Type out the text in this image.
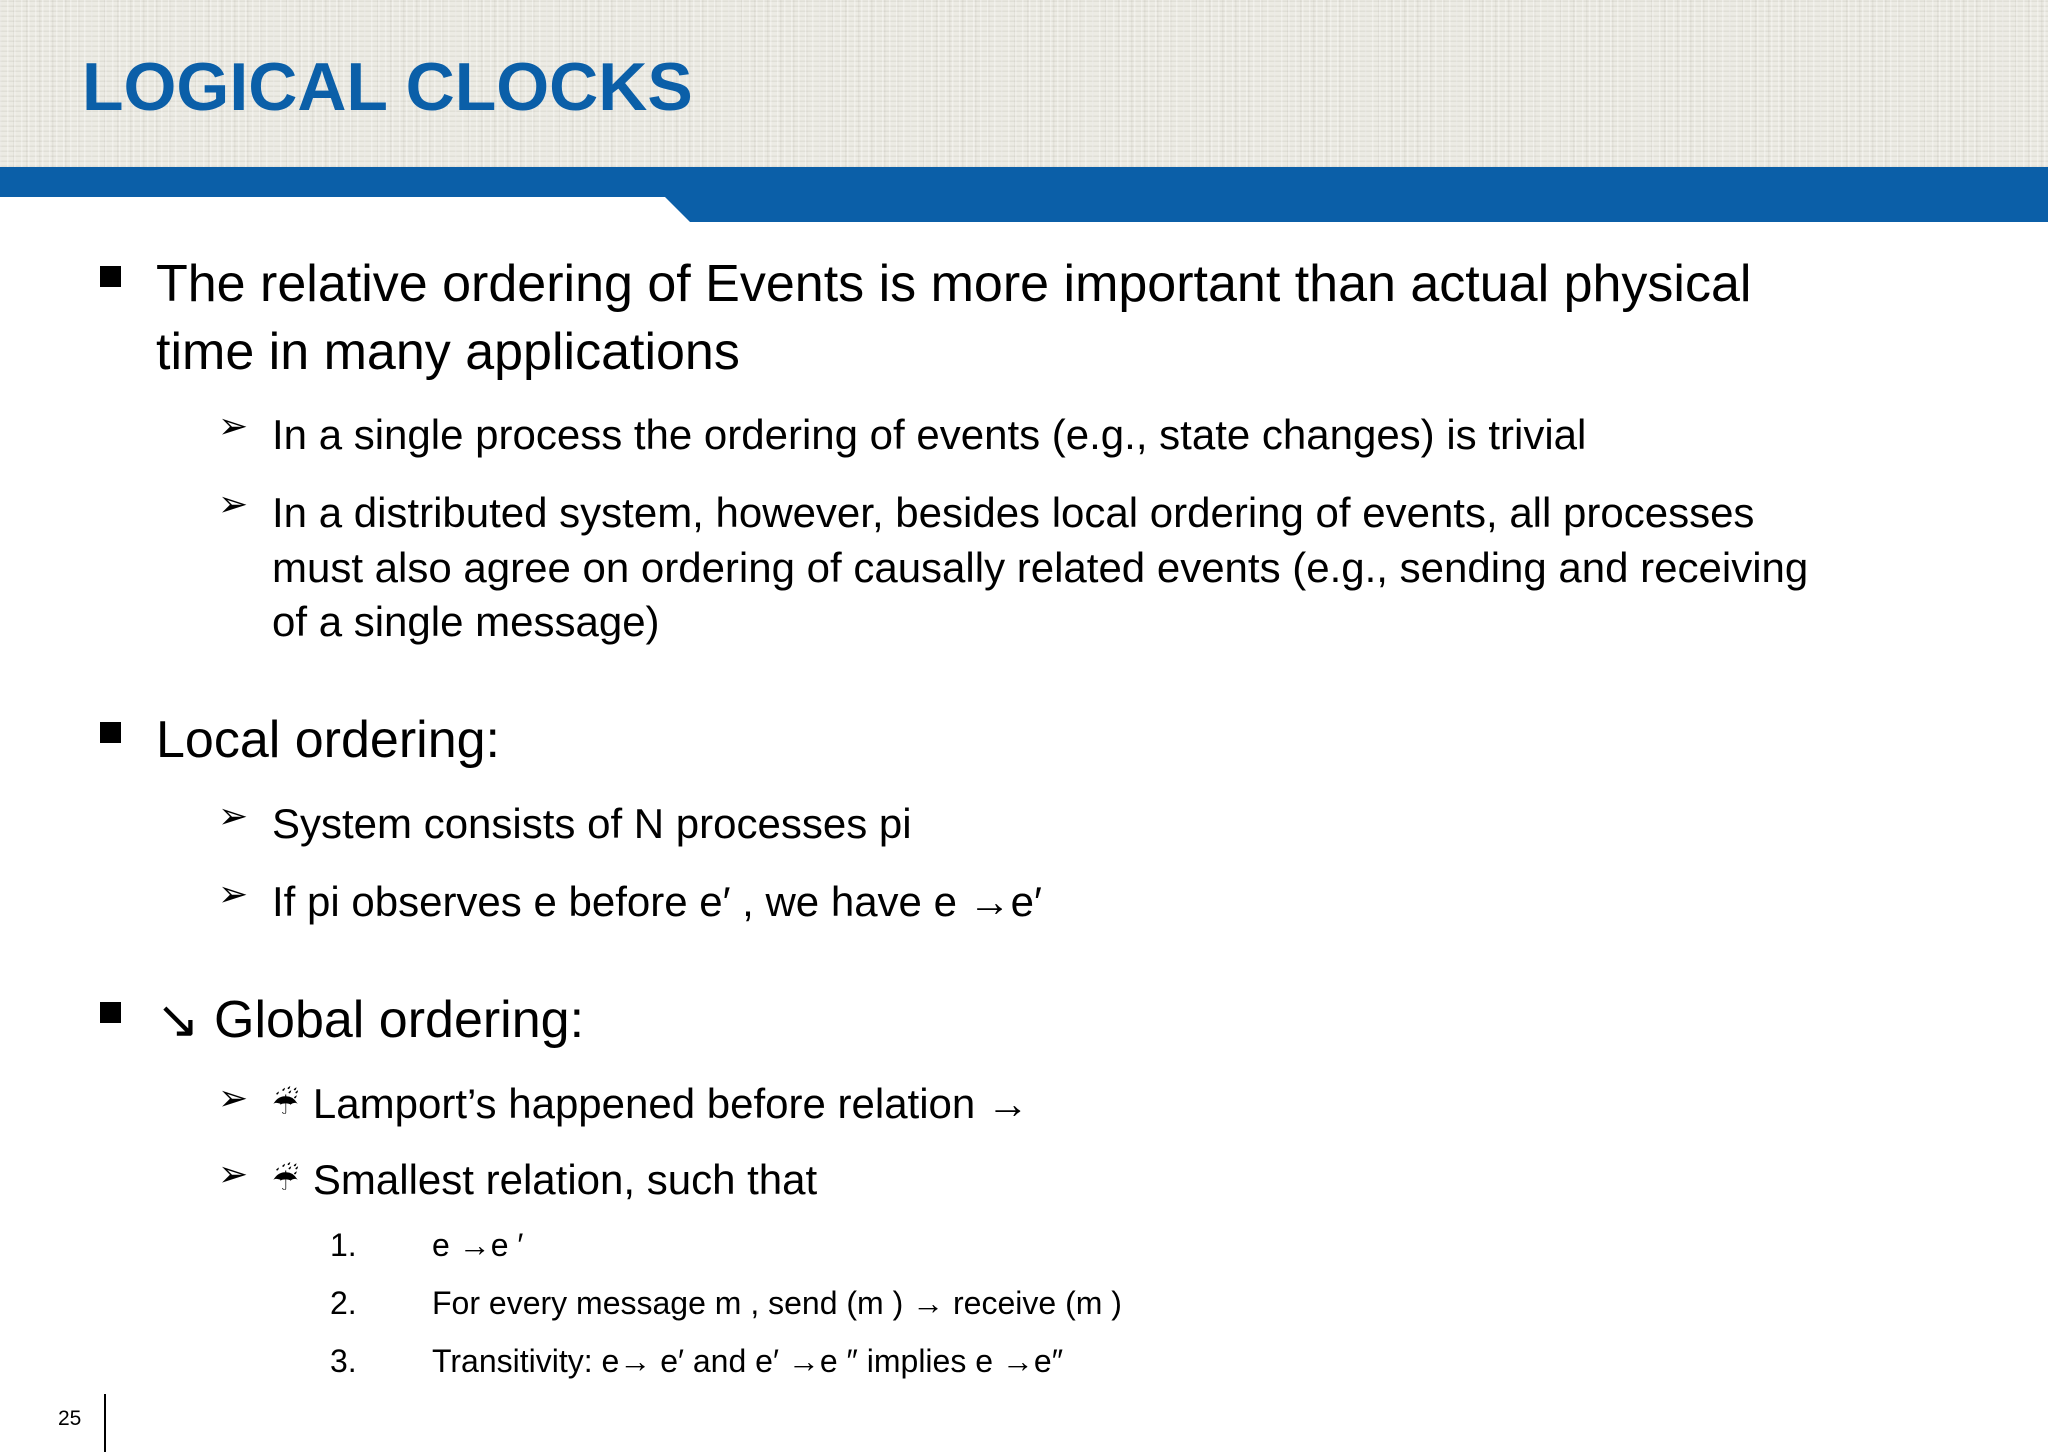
LOGICAL CLOCKS

The relative ordering of Events is more important than actual physical

time in many applications

➢ In a single process the ordering of events (e.g., state changes) is trivial

➢ In a distributed system, however, besides local ordering of events, all processes

must also agree on ordering of causally related events (e.g., sending and receiving

of a single message)

Local ordering:

➢ System consists of N processes pi

➢ If pi observes e before e′ , we have e →e′

↘ Global ordering:

➢ ☔︎ Lamport’s happened before relation →

➢ ☔︎ Smallest relation, such that

1. e →e ′
2. For every message m , send (m ) → receive (m )
3. Transitivity: e→ e′ and e′ →e ″ implies e →e″
25
